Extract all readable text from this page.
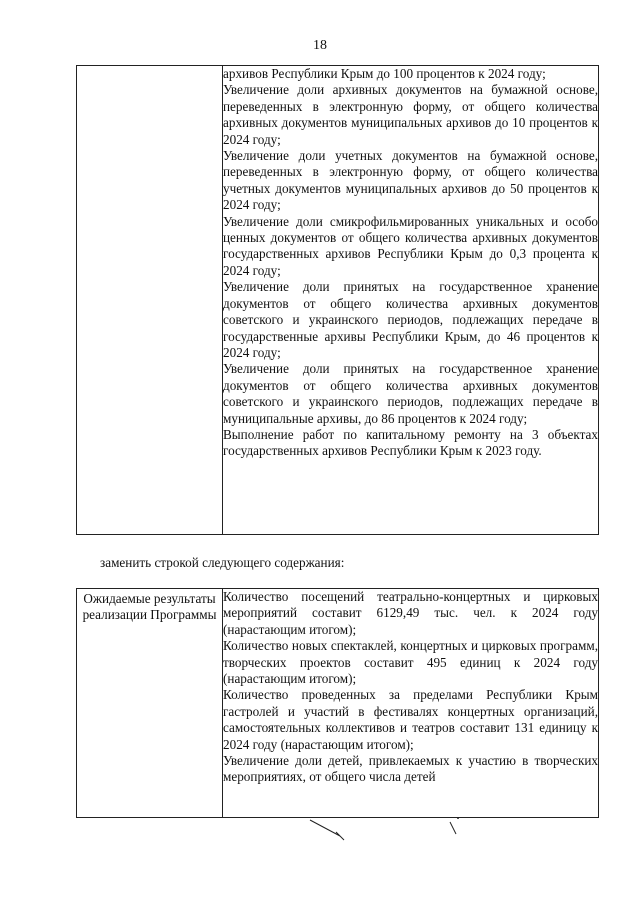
18

архивов Республики Крым до 100 процентов к 2024 году;
Увеличение доли архивных документов на бумажной основе, переведенных в электронную форму, от общего количества архивных документов муниципальных архивов до 10 процентов к 2024 году;
Увеличение доли учетных документов на бумажной основе, переведенных в электронную форму, от общего количества учетных документов муниципальных архивов до 50 процентов к 2024 году;
Увеличение доли смикрофильмированных уникальных и особо ценных документов от общего количества архивных документов государственных архивов Республики Крым до 0,3 процента к 2024 году;
Увеличение доли принятых на государственное хранение документов от общего количества архивных документов советского и украинского периодов, подлежащих передаче в государственные архивы Республики Крым, до 46 процентов к 2024 году;
Увеличение доли принятых на государственное хранение документов от общего количества архивных документов советского и украинского периодов, подлежащих передаче в муниципальные архивы, до 86 процентов к 2024 году;
Выполнение работ по капитальному ремонту на 3 объектах государственных архивов Республики Крым к 2023 году.
заменить строкой следующего содержания:
Ожидаемые результаты реализации Программы

Количество посещений театрально-концертных и цирковых мероприятий составит 6129,49 тыс. чел. к 2024 году (нарастающим итогом);
Количество новых спектаклей, концертных и цирковых программ, творческих проектов составит 495 единиц к 2024 году (нарастающим итогом);
Количество проведенных за пределами Республики Крым гастролей и участий в фестивалях концертных организаций, самостоятельных коллективов и театров составит 131 единицу к 2024 году (нарастающим итогом);
Увеличение доли детей, привлекаемых к участию в творческих мероприятиях, от общего числа детей
